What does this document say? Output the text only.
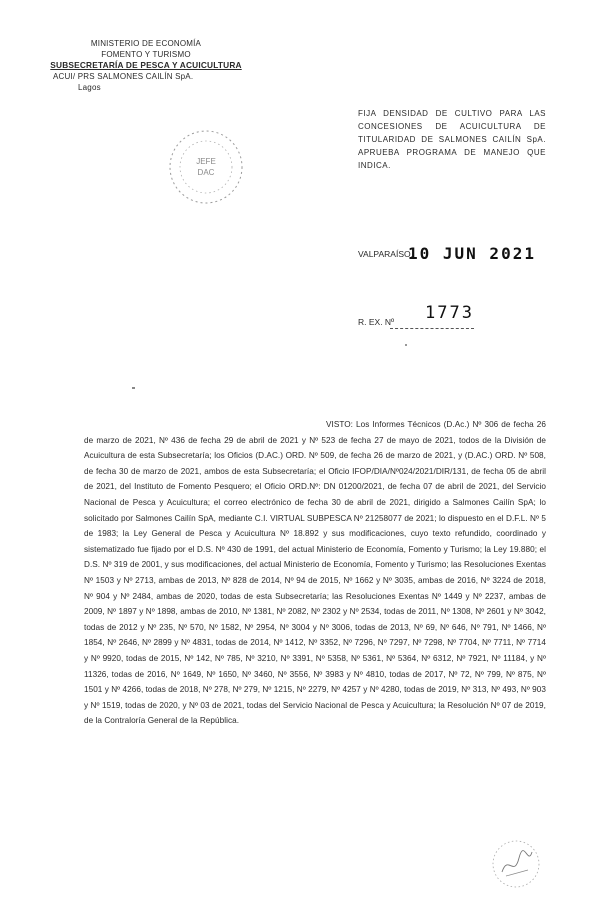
MINISTERIO DE ECONOMÍA
FOMENTO Y TURISMO
SUBSECRETARÍA DE PESCA Y ACUICULTURA
ACUI/ PRS SALMONES CAILÍN SpA.
Lagos
JEFE
DAC
FIJA DENSIDAD DE CULTIVO PARA LAS CONCESIONES DE ACUICULTURA DE TITULARIDAD DE SALMONES CAILÍN SpA. APRUEBA PROGRAMA DE MANEJO QUE INDICA.
VALPARAÍSO,
10 JUN 2021
R. EX. Nº 1773
VISTO: Los Informes Técnicos (D.Ac.) Nº 306 de fecha 26 de marzo de 2021, Nº 436 de fecha 29 de abril de 2021 y Nº 523 de fecha 27 de mayo de 2021, todos de la División de Acuicultura de esta Subsecretaría; los Oficios (D.AC.) ORD. Nº 509, de fecha 26 de marzo de 2021, y (D.AC.) ORD. Nº 508, de fecha 30 de marzo de 2021, ambos de esta Subsecretaría; el Oficio IFOP/DIA/Nº024/2021/DIR/131, de fecha 05 de abril de 2021, del Instituto de Fomento Pesquero; el Oficio ORD.Nº: DN 01200/2021, de fecha 07 de abril de 2021, del Servicio Nacional de Pesca y Acuicultura; el correo electrónico de fecha 30 de abril de 2021, dirigido a Salmones Cailín SpA; lo solicitado por Salmones Cailín SpA, mediante C.I. VIRTUAL SUBPESCA Nº 21258077 de 2021; lo dispuesto en el D.F.L. Nº 5 de 1983; la Ley General de Pesca y Acuicultura Nº 18.892 y sus modificaciones, cuyo texto refundido, coordinado y sistematizado fue fijado por el D.S. Nº 430 de 1991, del actual Ministerio de Economía, Fomento y Turismo; la Ley 19.880; el D.S. Nº 319 de 2001, y sus modificaciones, del actual Ministerio de Economía, Fomento y Turismo; las Resoluciones Exentas Nº 1503 y Nº 2713, ambas de 2013, Nº 828 de 2014, Nº 94 de 2015, Nº 1662 y Nº 3035, ambas de 2016, Nº 3224 de 2018, Nº 904 y Nº 2484, ambas de 2020, todas de esta Subsecretaría; las Resoluciones Exentas Nº 1449 y Nº 2237, ambas de 2009, Nº 1897 y Nº 1898, ambas de 2010, Nº 1381, Nº 2082, Nº 2302 y Nº 2534, todas de 2011, Nº 1308, Nº 2601 y Nº 3042, todas de 2012 y Nº 235, Nº 570, Nº 1582, Nº 2954, Nº 3004 y Nº 3006, todas de 2013, Nº 69, Nº 646, Nº 791, Nº 1466, Nº 1854, Nº 2646, Nº 2899 y Nº 4831, todas de 2014, Nº 1412, Nº 3352, Nº 7296, Nº 7297, Nº 7298, Nº 7704, Nº 7711, Nº 7714 y Nº 9920, todas de 2015, Nº 142, Nº 785, Nº 3210, Nº 3391, Nº 5358, Nº 5361, Nº 5364, Nº 6312, Nº 7921, Nº 11184, y Nº 11326, todas de 2016, Nº 1649, Nº 1650, Nº 3460, Nº 3556, Nº 3983 y Nº 4810, todas de 2017, Nº 72, Nº 799, Nº 875, Nº 1501 y Nº 4266, todas de 2018, Nº 278, Nº 279, Nº 1215, Nº 2279, Nº 4257 y Nº 4280, todas de 2019, Nº 313, Nº 493, Nº 903 y Nº 1519, todas de 2020, y Nº 03 de 2021, todas del Servicio Nacional de Pesca y Acuicultura; la Resolución Nº 07 de 2019, de la Contraloría General de la República.
